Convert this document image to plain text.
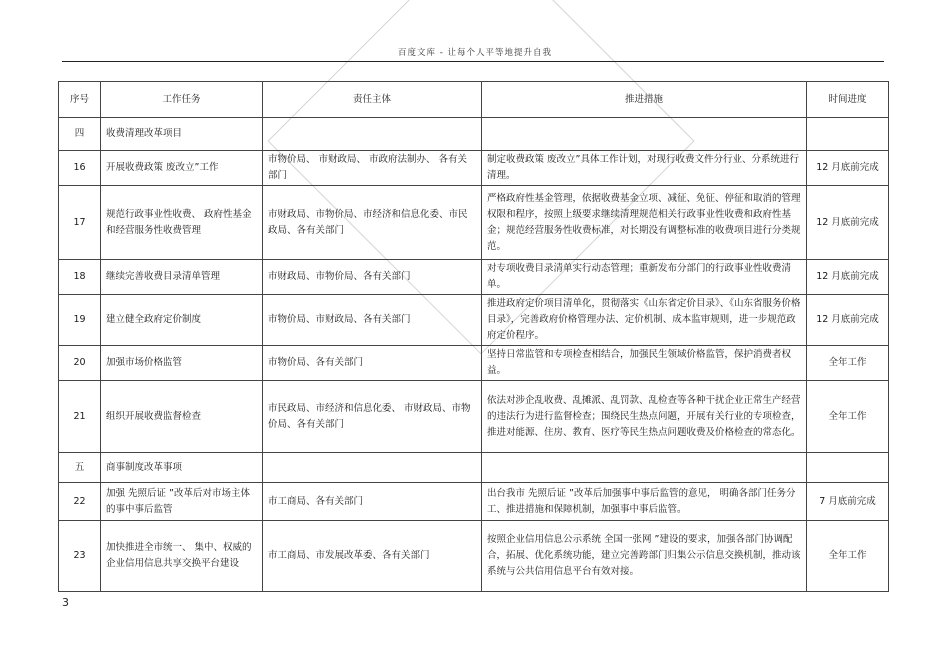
百度文库 - 让每个人平等地提升自我
序号	工作任务	责任主体	推进措施	时间进度
四	收费清理改革项目			
16	开展收费政策 废改立”工作	市物价局、 市财政局、 市政府法制办、 各有关部门	制定收费政策 废改立”具体工作计划，对现行收费文件分行业、分系统进行清理。	12 月底前完成
17	规范行政事业性收费、 政府性基金和经营服务性收费管理	市财政局、市物价局、市经济和信息化委、市民政局、各有关部门	严格政府性基金管理，依据收费基金立项、减征、免征、停征和取消的管理权限和程序，按照上级要求继续清理规范相关行政事业性收费和政府性基金；规范经营服务性收费标准，对长期没有调整标准的收费项目进行分类规范。	12 月底前完成
18	继续完善收费目录清单管理	市财政局、市物价局、各有关部门	对专项收费目录清单实行动态管理；重新发布分部门的行政事业性收费清单。	12 月底前完成
19	建立健全政府定价制度	市物价局、市财政局、各有关部门	推进政府定价项目清单化，贯彻落实《山东省定价目录》、《山东省服务价格目录》，完善政府价格管理办法、定价机制、成本监审规则，进一步规范政府定价程序。	12 月底前完成
20	加强市场价格监管	市物价局、各有关部门	坚持日常监管和专项检查相结合，加强民生领域价格监管，保护消费者权益。	全年工作
21	组织开展收费监督检查	市民政局、市经济和信息化委、 市财政局、市物价局、各有关部门	依法对涉企乱收费、乱摊派、乱罚款、乱检查等各种干扰企业正常生产经营的违法行为进行监督检查；围绕民生热点问题，开展有关行业的专项检查，推进对能源、住房、教育、医疗等民生热点问题收费及价格检查的常态化。	全年工作
五	商事制度改革事项			
22	加强 先照后证 ”改革后对市场主体的事中事后监管	市工商局、各有关部门	出台我市 先照后证 ”改革后加强事中事后监管的意见， 明确各部门任务分工、推进措施和保障机制，加强事中事后监管。	7 月底前完成
23	加快推进全市统一、 集中、权威的企业信用信息共享交换平台建设	市工商局、市发展改革委、各有关部门	按照企业信用信息公示系统 全国一张网 ”建设的要求，加强各部门协调配合，拓展、优化系统功能，建立完善跨部门归集公示信息交换机制，推动该系统与公共信用信息平台有效对接。	全年工作
3
